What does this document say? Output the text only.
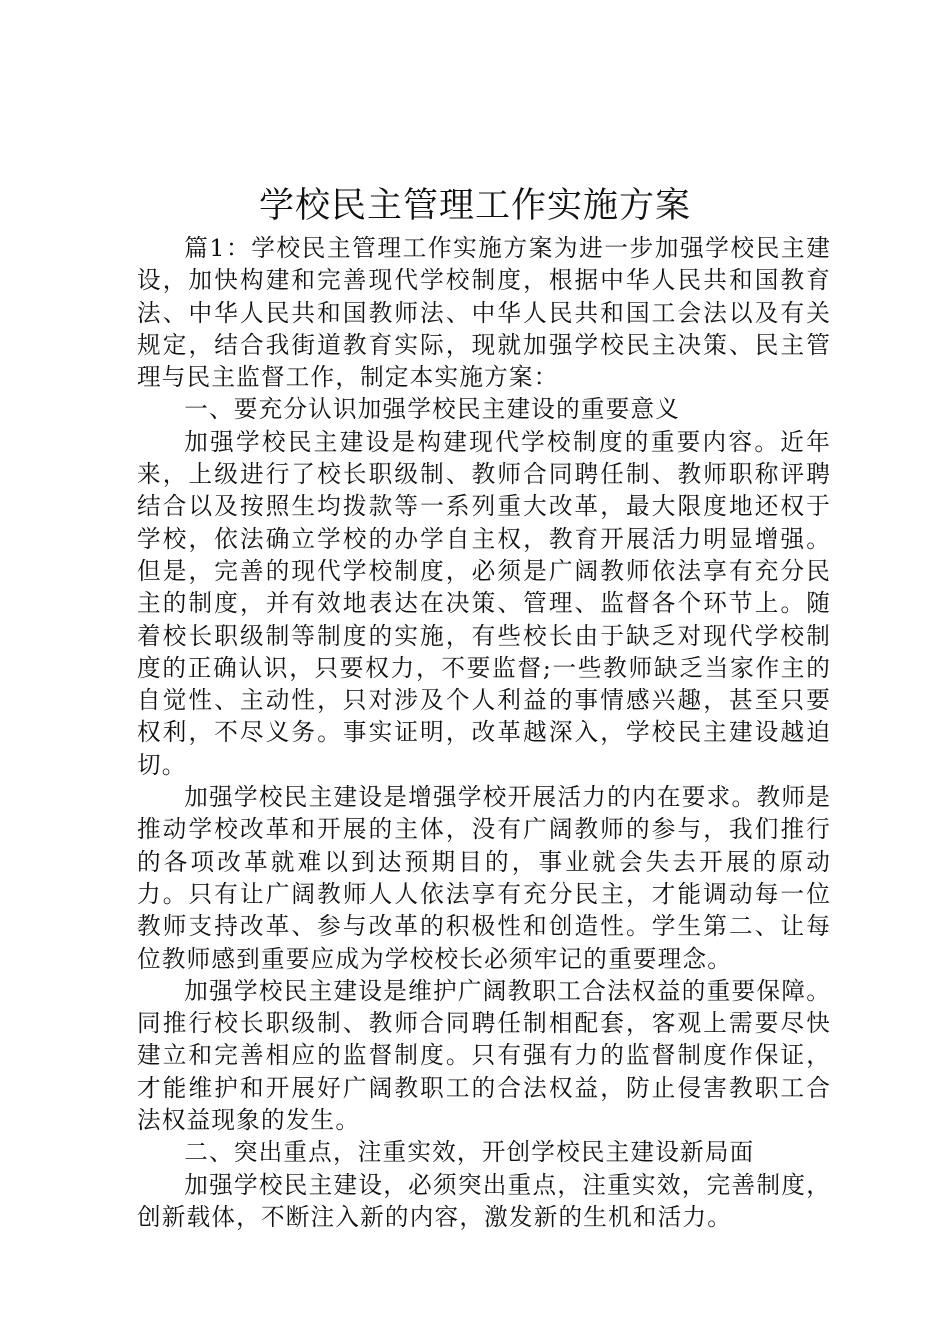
学校民主管理工作实施方案

篇1：学校民主管理工作实施方案为进一步加强学校民主建设，加快构建和完善现代学校制度，根据中华人民共和国教育法、中华人民共和国教师法、中华人民共和国工会法以及有关规定，结合我街道教育实际，现就加强学校民主决策、民主管理与民主监督工作，制定本实施方案：

一、要充分认识加强学校民主建设的重要意义

加强学校民主建设是构建现代学校制度的重要内容。近年来，上级进行了校长职级制、教师合同聘任制、教师职称评聘结合以及按照生均拨款等一系列重大改革，最大限度地还权于学校，依法确立学校的办学自主权，教育开展活力明显增强。但是，完善的现代学校制度，必须是广阔教师依法享有充分民主的制度，并有效地表达在决策、管理、监督各个环节上。随着校长职级制等制度的实施，有些校长由于缺乏对现代学校制度的正确认识，只要权力，不要监督;一些教师缺乏当家作主的自觉性、主动性，只对涉及个人利益的事情感兴趣，甚至只要权利，不尽义务。事实证明，改革越深入，学校民主建设越迫切。

加强学校民主建设是增强学校开展活力的内在要求。教师是推动学校改革和开展的主体，没有广阔教师的参与，我们推行的各项改革就难以到达预期目的，事业就会失去开展的原动力。只有让广阔教师人人依法享有充分民主，才能调动每一位教师支持改革、参与改革的积极性和创造性。学生第二、让每位教师感到重要应成为学校校长必须牢记的重要理念。

加强学校民主建设是维护广阔教职工合法权益的重要保障。同推行校长职级制、教师合同聘任制相配套，客观上需要尽快建立和完善相应的监督制度。只有强有力的监督制度作保证，才能维护和开展好广阔教职工的合法权益，防止侵害教职工合法权益现象的发生。

二、突出重点，注重实效，开创学校民主建设新局面

加强学校民主建设，必须突出重点，注重实效，完善制度，创新载体，不断注入新的内容，激发新的生机和活力。
